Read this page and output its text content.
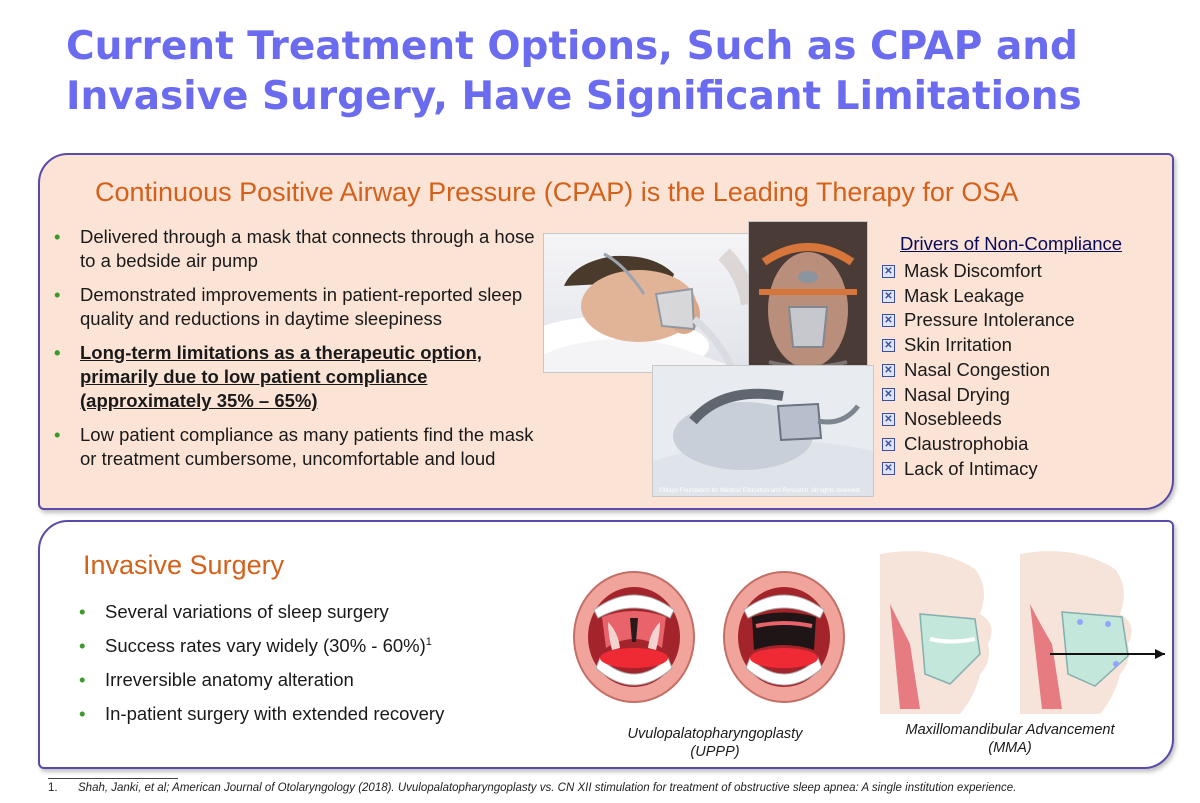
Current Treatment Options, Such as CPAP and
Invasive Surgery, Have Significant Limitations
Continuous Positive Airway Pressure (CPAP) is the Leading Therapy for OSA
• Delivered through a mask that connects through a hose to a bedside air pump
• Demonstrated improvements in patient-reported sleep quality and reductions in daytime sleepiness
• Long-term limitations as a therapeutic option, primarily due to low patient compliance (approximately 35% – 65%)
• Low patient compliance as many patients find the mask or treatment cumbersome, uncomfortable and loud
©Mayo Foundation for Medical Education and Research. All rights reserved.
Drivers of Non-Compliance
✕ Mask Discomfort
✕ Mask Leakage
✕ Pressure Intolerance
✕ Skin Irritation
✕ Nasal Congestion
✕ Nasal Drying
✕ Nosebleeds
✕ Claustrophobia
✕ Lack of Intimacy
Invasive Surgery
• Several variations of sleep surgery
• Success rates vary widely (30% - 60%)$^1$
• Irreversible anatomy alteration
• In-patient surgery with extended recovery
Uvulopalatopharyngoplasty
(UPPP)
Maxillomandibular Advancement
(MMA)
1. Shah, Janki, et al; American Journal of Otolaryngology (2018). Uvulopalatopharyngoplasty vs. CN XII stimulation for treatment of obstructive sleep apnea: A single institution experience.
